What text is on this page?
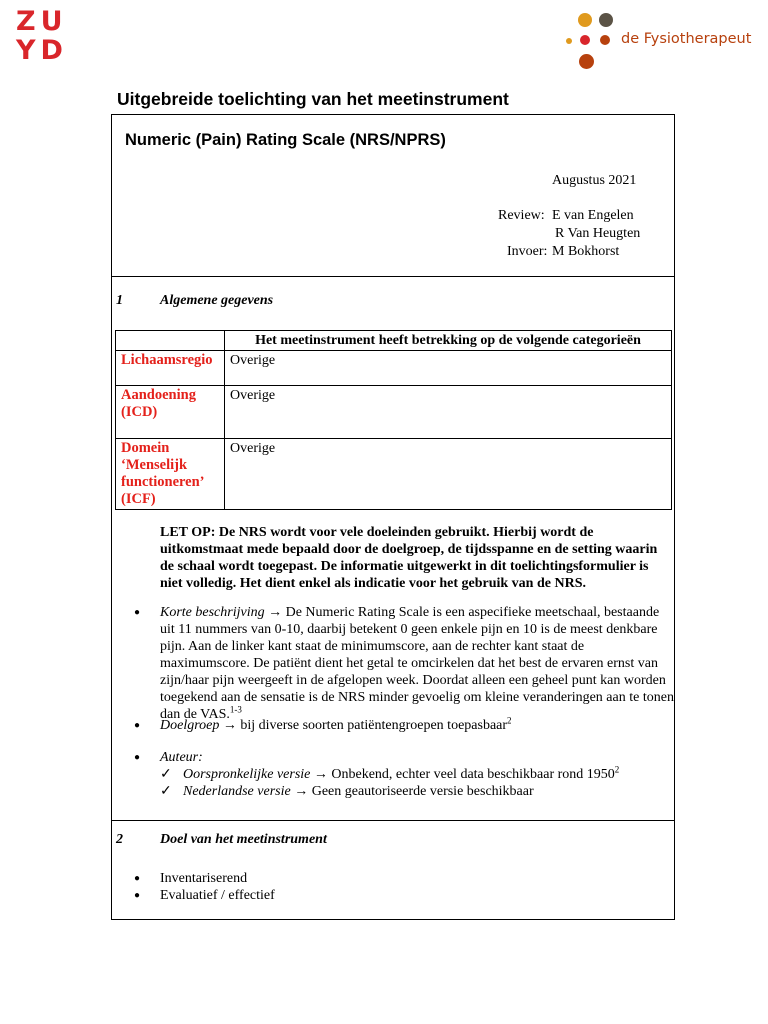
ZU
YD	de Fysiotherapeut
Uitgebreide toelichting van het meetinstrument
Numeric (Pain) Rating Scale (NRS/NPRS)
Augustus 2021
Review: E van Engelen
R Van Heugten
Invoer: M Bokhorst
1	Algemene gegevens
	Het meetinstrument heeft betrekking op de volgende categorieën
Lichaamsregio	Overige
Aandoening (ICD)	Overige
Domein ‘Menselijk functioneren’ (ICF)	Overige
LET OP: De NRS wordt voor vele doeleinden gebruikt. Hierbij wordt de uitkomstmaat mede bepaald door de doelgroep, de tijdsspanne en de setting waarin de schaal wordt toegepast. De informatie uitgewerkt in dit toelichtingsformulier is niet volledig. Het dient enkel als indicatie voor het gebruik van de NRS.
● Korte beschrijving → De Numeric Rating Scale is een aspecifieke meetschaal, bestaande uit 11 nummers van 0-10, daarbij betekent 0 geen enkele pijn en 10 is de meest denkbare pijn. Aan de linker kant staat de minimumscore, aan de rechter kant staat de maximumscore. De patiënt dient het getal te omcirkelen dat het best de ervaren ernst van zijn/haar pijn weergeeft in de afgelopen week. Doordat alleen een geheel punt kan worden toegekend aan de sensatie is de NRS minder gevoelig om kleine veranderingen aan te tonen dan de VAS.$^{1-3}$
● Doelgroep → bij diverse soorten patiëntengroepen toepasbaar$^2$
● Auteur:
✓ Oorspronkelijke versie → Onbekend, echter veel data beschikbaar rond 1950$^2$
✓ Nederlandse versie → Geen geautoriseerde versie beschikbaar
2	Doel van het meetinstrument
● Inventariserend
● Evaluatief / effectief
